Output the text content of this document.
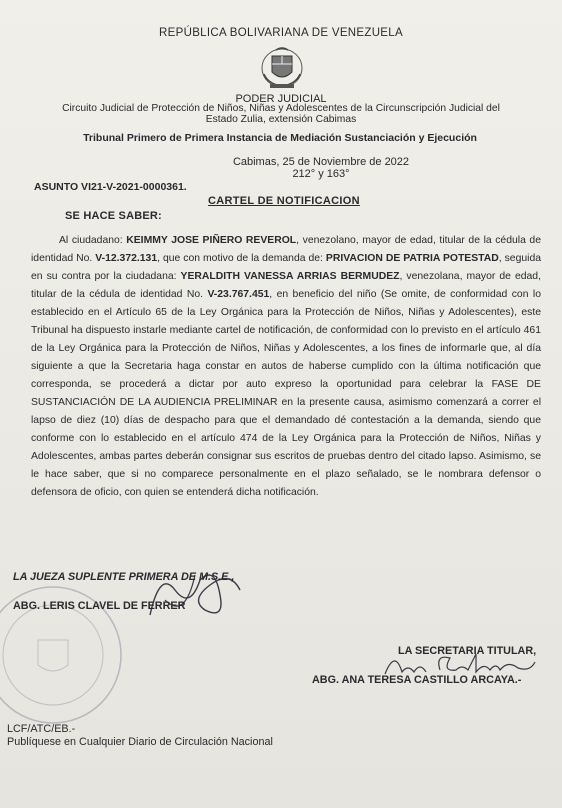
REPÚBLICA BOLIVARIANA DE VENEZUELA
PODER JUDICIAL
Circuito Judicial de Protección de Niños, Niñas y Adolescentes de la Circunscripción Judicial del
Estado Zulia, extensión Cabimas
Tribunal Primero de Primera Instancia de Mediación Sustanciación y Ejecución
Cabimas, 25 de Noviembre de 2022
212° y 163°
ASUNTO VI21-V-2021-0000361.
CARTEL DE NOTIFICACION
SE HACE SABER:
Al ciudadano: KEIMMY JOSE PIÑERO REVEROL, venezolano, mayor de edad, titular de la cédula de identidad No. V-12.372.131, que con motivo de la demanda de: PRIVACION DE PATRIA POTESTAD, seguida en su contra por la ciudadana: YERALDITH VANESSA ARRIAS BERMUDEZ, venezolana, mayor de edad, titular de la cédula de identidad No. V-23.767.451, en beneficio del niño (Se omite, de conformidad con lo establecido en el Artículo 65 de la Ley Orgánica para la Protección de Niños, Niñas y Adolescentes), este Tribunal ha dispuesto instarle mediante cartel de notificación, de conformidad con lo previsto en el artículo 461 de la Ley Orgánica para la Protección de Niños, Niñas y Adolescentes, a los fines de informarle que, al día siguiente a que la Secretaria haga constar en autos de haberse cumplido con la última notificación que corresponda, se procederá a dictar por auto expreso la oportunidad para celebrar la FASE DE SUSTANCIACIÓN DE LA AUDIENCIA PRELIMINAR en la presente causa, asimismo comenzará a correr el lapso de diez (10) días de despacho para que el demandado dé contestación a la demanda, siendo que conforme con lo establecido en el artículo 474 de la Ley Orgánica para la Protección de Niños, Niñas y Adolescentes, ambas partes deberán consignar sus escritos de pruebas dentro del citado lapso. Asimismo, se le hace saber, que si no comparece personalmente en el plazo señalado, se le nombrara defensor o defensora de oficio, con quien se entenderá dicha notificación.
LA JUEZA SUPLENTE PRIMERA DE M.S.E.,
ABG. LERIS CLAVEL DE FERRER
LA SECRETARIA TITULAR,
ABG. ANA TERESA CASTILLO ARCAYA.-
LCF/ATC/EB.-
Publíquese en Cualquier Diario de Circulación Nacional
